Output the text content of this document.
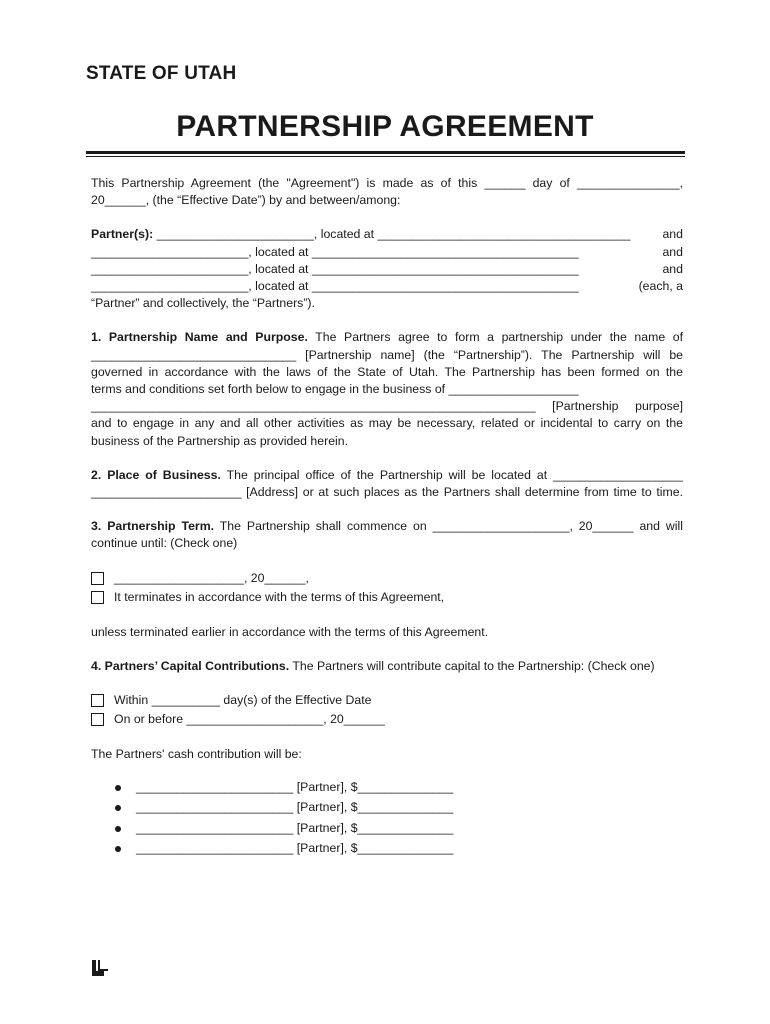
STATE OF UTAH
PARTNERSHIP AGREEMENT

This Partnership Agreement (the "Agreement") is made as of this ______ day of _______________,

20______, (the “Effective Date”) by and between/among:

Partner(s): _______________________, located at _____________________________________	and
_______________________, located at _______________________________________	and
_______________________, located at _______________________________________	and
_______________________, located at _______________________________________	(each, a

“Partner” and collectively, the “Partners”).

1. Partnership Name and Purpose. The Partners agree to form a partnership under the name of

______________________________ [Partnership name] (the “Partnership”). The Partnership will be

governed in accordance with the laws of the State of Utah. The Partnership has been formed on the

terms and conditions set forth below to engage in the business of ___________________

_________________________________________________________________ [Partnership purpose]

and to engage in any and all other activities as may be necessary, related or incidental to carry on the

business of the Partnership as provided herein.

2. Place of Business. The principal office of the Partnership will be located at ___________________

______________________ [Address] or at such places as the Partners shall determine from time to time.

3. Partnership Term. The Partnership shall commence on ____________________, 20______ and will

continue until: (Check one)

___________________, 20______,
It terminates in accordance with the terms of this Agreement,

unless terminated earlier in accordance with the terms of this Agreement.

4. Partners’ Capital Contributions. The Partners will contribute capital to the Partnership: (Check one)

Within __________ day(s) of the Effective Date
On or before ____________________, 20______

The Partners' cash contribution will be:

_______________________ [Partner], $______________
_______________________ [Partner], $______________
_______________________ [Partner], $______________
_______________________ [Partner], $______________
